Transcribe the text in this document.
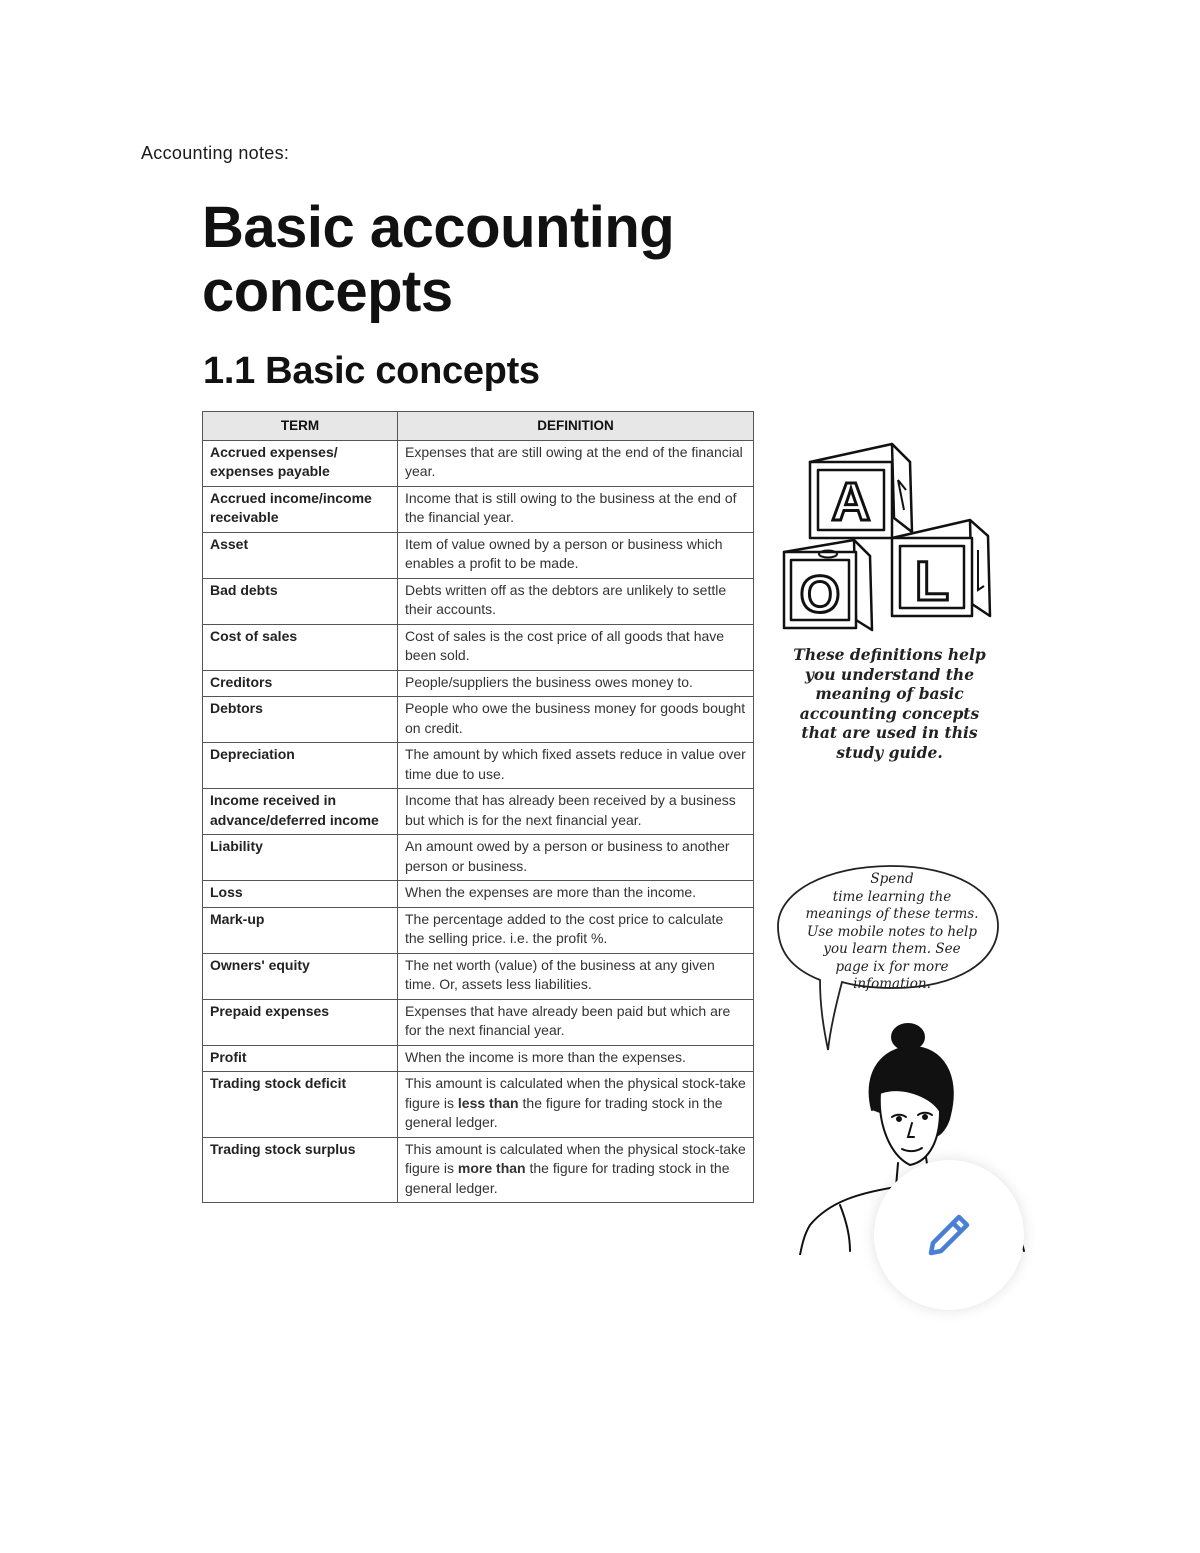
Accounting notes:
Basic accounting
concepts
1.1 Basic concepts
TERM	DEFINITION
Accrued expenses/ expenses payable	Expenses that are still owing at the end of the financial year.
Accrued income/income receivable	Income that is still owing to the business at the end of the financial year.
Asset	Item of value owned by a person or business which enables a profit to be made.
Bad debts	Debts written off as the debtors are unlikely to settle their accounts.
Cost of sales	Cost of sales is the cost price of all goods that have been sold.
Creditors	People/suppliers the business owes money to.
Debtors	People who owe the business money for goods bought on credit.
Depreciation	The amount by which fixed assets reduce in value over time due to use.
Income received in advance/deferred income	Income that has already been received by a business but which is for the next financial year.
Liability	An amount owed by a person or business to another person or business.
Loss	When the expenses are more than the income.
Mark-up	The percentage added to the cost price to calculate the selling price. i.e. the profit %.
Owners' equity	The net worth (value) of the business at any given time. Or, assets less liabilities.
Prepaid expenses	Expenses that have already been paid but which are for the next financial year.
Profit	When the income is more than the expenses.
Trading stock deficit	This amount is calculated when the physical stock-take figure is less than the figure for trading stock in the general ledger.
Trading stock surplus	This amount is calculated when the physical stock-take figure is more than the figure for trading stock in the general ledger.
A
O L
These definitions help you understand the meaning of basic accounting concepts that are used in this study guide.
Spend
time learning the
meanings of these terms.
Use mobile notes to help
you learn them. See
page ix for more
infomation.
